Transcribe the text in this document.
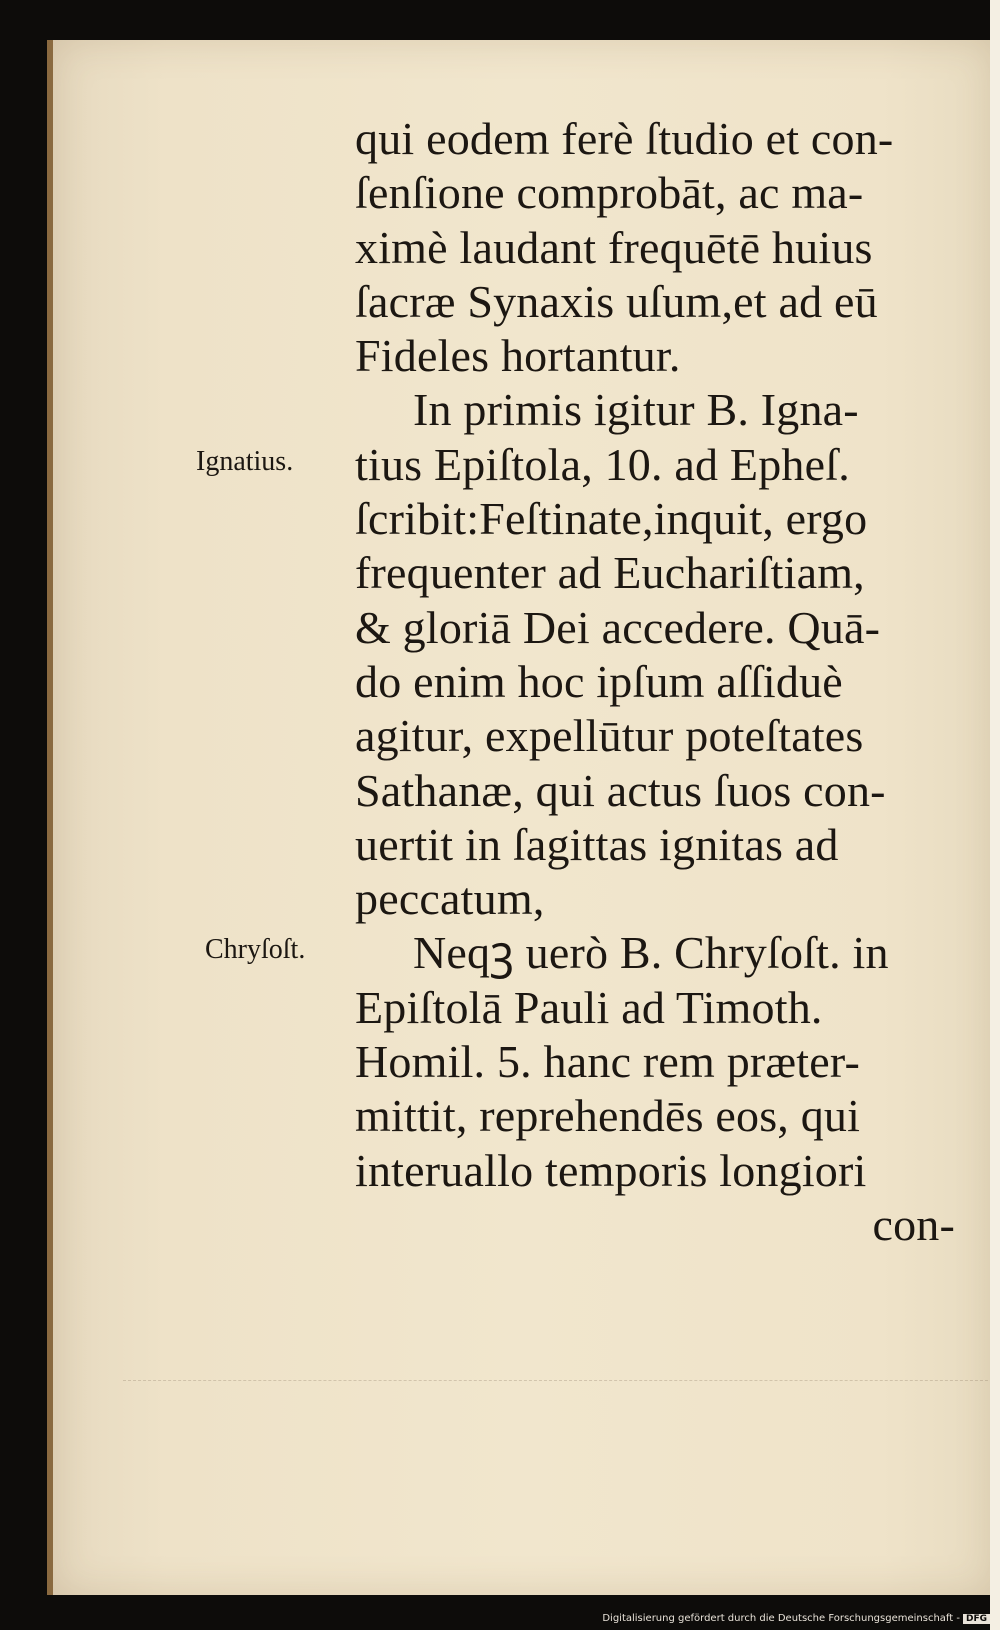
qui eodem ferè ſtudio et con-
ſenſione comprobāt, ac ma-
ximè laudant frequētē huius
ſacræ Synaxis uſum,et ad eū
Fideles hortantur.
In primis igitur B. Igna-
tius Epiſtola, 10. ad Epheſ.
ſcribit:Feſtinate,inquit, ergo
frequenter ad Euchariſtiam,
& gloriā Dei accedere. Quā-
do enim hoc ipſum aſſiduè
agitur, expellūtur poteſtates
Sathanæ, qui actus ſuos con-
uertit in ſagittas ignitas ad
peccatum,
Neqꝫ uerò B. Chryſoſt. in
Epiſtolā Pauli ad Timoth.
Homil. 5. hanc rem præter-
mittit, reprehendēs eos, qui
interuallo temporis longiori
con-
Ignatius.
Chryſoſt.
Digitalisierung gefördert durch die Deutsche Forschungsgemeinschaft - DFG
